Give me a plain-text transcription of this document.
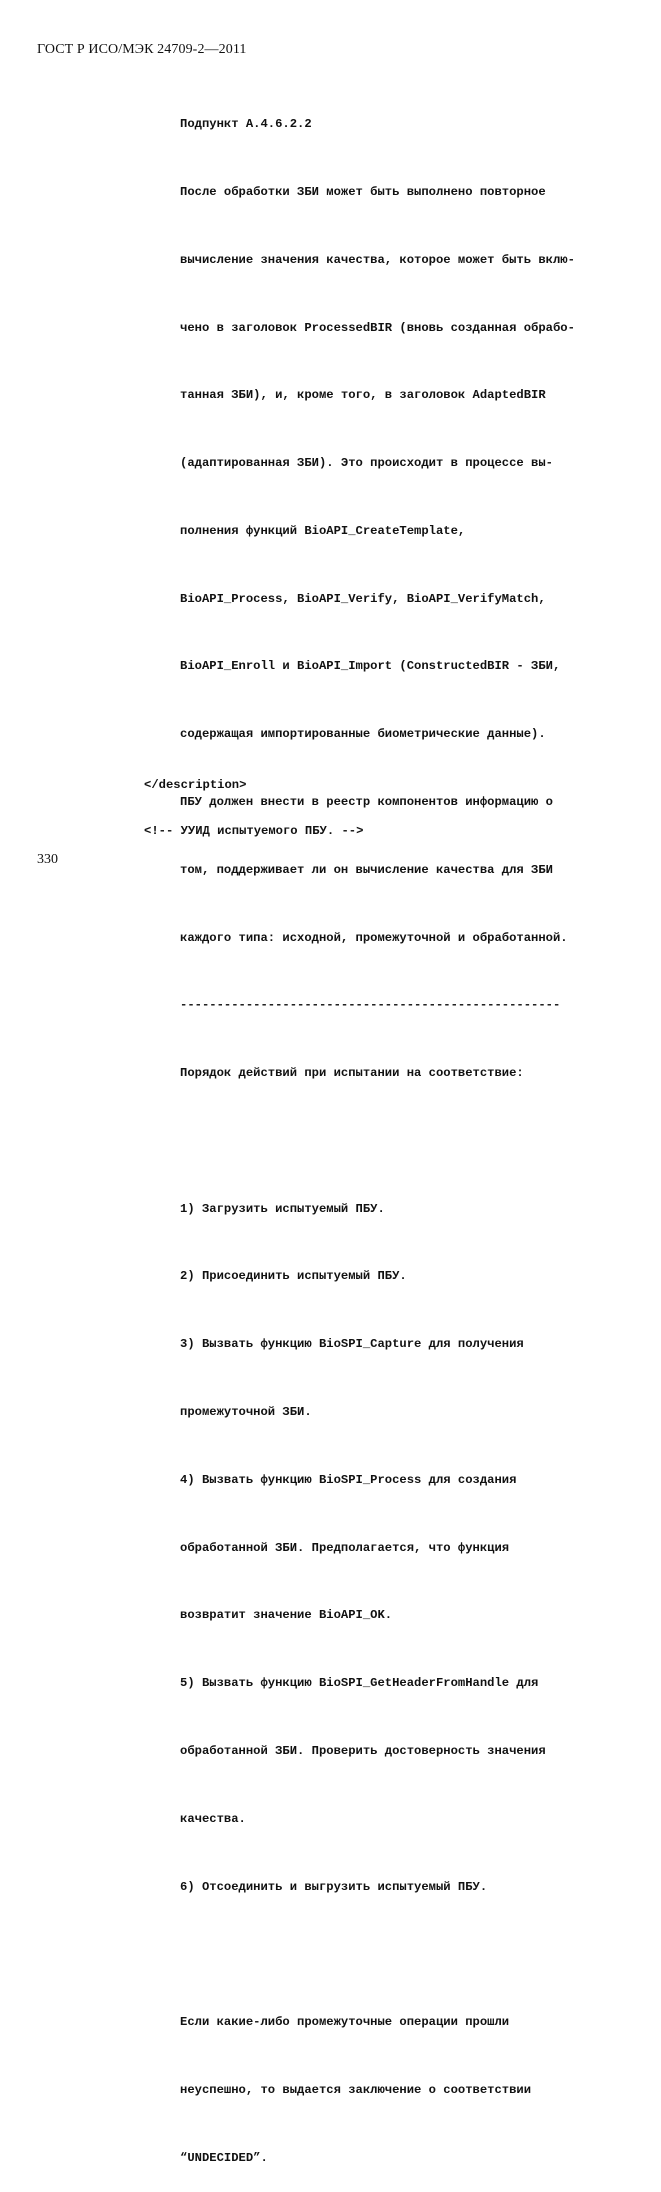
ГОСТ Р ИСО/МЭК 24709-2—2011

Подпункт А.4.6.2.2

После обработки ЗБИ может быть выполнено повторное

вычисление значения качества, которое может быть вклю-

чено в заголовок ProcessedBIR (вновь созданная обрабо-

танная ЗБИ), и, кроме того, в заголовок AdaptedBIR

(адаптированная ЗБИ). Это происходит в процессе вы-

полнения функций BioAPI_CreateTemplate,

BioAPI_Process, BioAPI_Verify, BioAPI_VerifyMatch,

BioAPI_Enroll и BioAPI_Import (ConstructedBIR - ЗБИ,

содержащая импортированные биометрические данные).

ПБУ должен внести в реестр компонентов информацию о

том, поддерживает ли он вычисление качества для ЗБИ

каждого типа: исходной, промежуточной и обработанной.

----------------------------------------------------

Порядок действий при испытании на соответствие:

1) Загрузить испытуемый ПБУ.

2) Присоединить испытуемый ПБУ.

3) Вызвать функцию BioSPI_Capture для получения

промежуточной ЗБИ.

4) Вызвать функцию BioSPI_Process для создания

обработанной ЗБИ. Предполагается, что функция

возвратит значение BioAPI_OK.

5) Вызвать функцию BioSPI_GetHeaderFromHandle для

обработанной ЗБИ. Проверить достоверность значения

качества.

6) Отсоединить и выгрузить испытуемый ПБУ.

Если какие-либо промежуточные операции прошли

неуспешно, то выдается заключение о соответствии

“UNDECIDED”.

</description>
<!-- УУИД испытуемого ПБУ. -->
330
